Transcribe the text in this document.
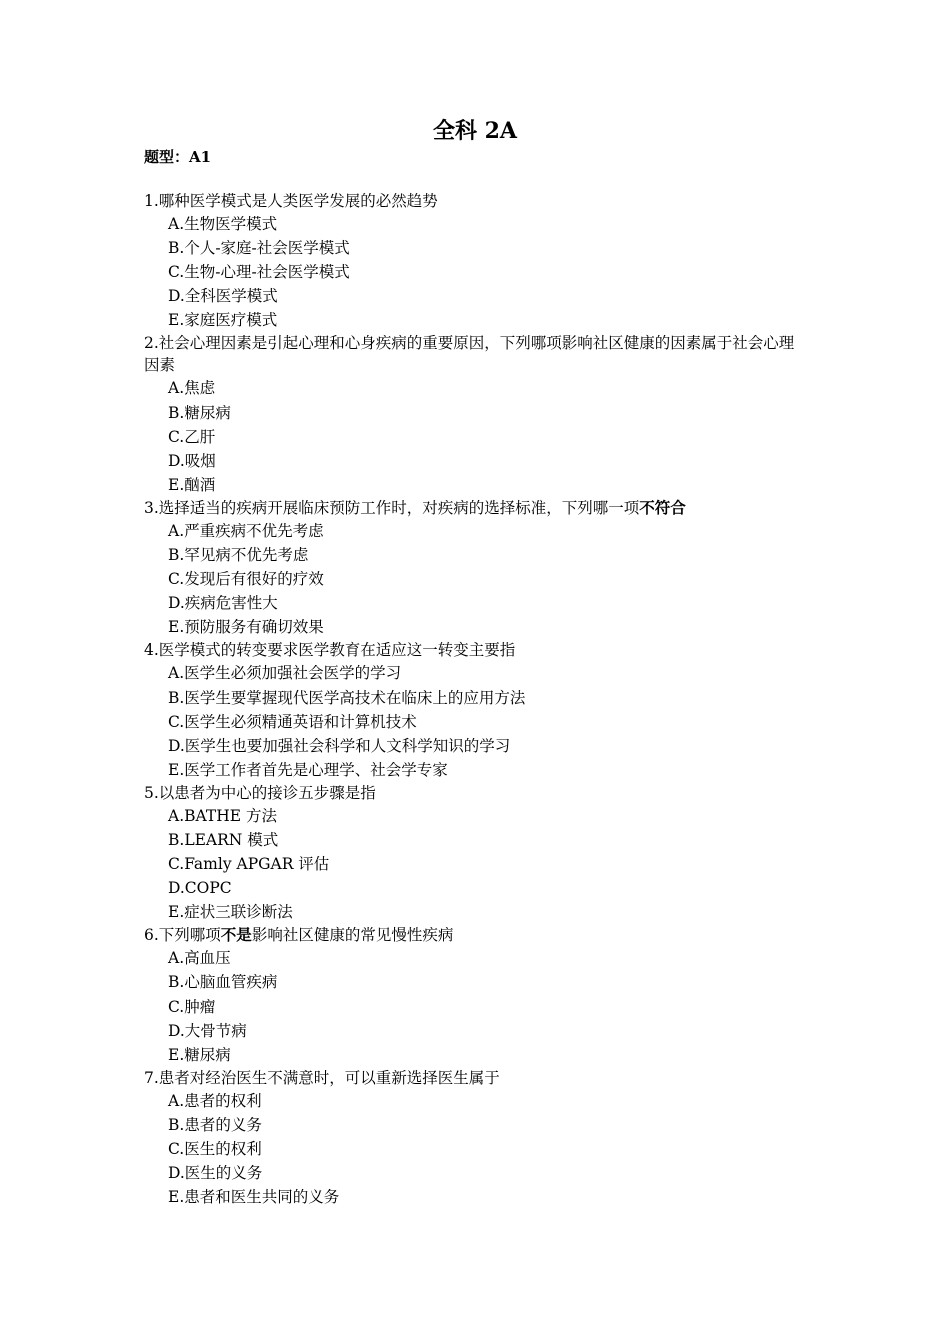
全科 2A
题型：A1

1.哪种医学模式是人类医学发展的必然趋势

A.生物医学模式
B.个人-家庭-社会医学模式
C.生物-心理-社会医学模式
D.全科医学模式
E.家庭医疗模式

2.社会心理因素是引起心理和心身疾病的重要原因，下列哪项影响社区健康的因素属于社会心理因素

A.焦虑
B.糖尿病
C.乙肝
D.吸烟
E.酗酒

3.选择适当的疾病开展临床预防工作时，对疾病的选择标准，下列哪一项不符合

A.严重疾病不优先考虑
B.罕见病不优先考虑
C.发现后有很好的疗效
D.疾病危害性大
E.预防服务有确切效果

4.医学模式的转变要求医学教育在适应这一转变主要指

A.医学生必须加强社会医学的学习
B.医学生要掌握现代医学高技术在临床上的应用方法
C.医学生必须精通英语和计算机技术
D.医学生也要加强社会科学和人文科学知识的学习
E.医学工作者首先是心理学、社会学专家

5.以患者为中心的接诊五步骤是指

A.BATHE 方法
B.LEARN 模式
C.Famly APGAR 评估
D.COPC
E.症状三联诊断法

6.下列哪项不是影响社区健康的常见慢性疾病

A.高血压
B.心脑血管疾病
C.肿瘤
D.大骨节病
E.糖尿病

7.患者对经治医生不满意时，可以重新选择医生属于

A.患者的权利
B.患者的义务
C.医生的权利
D.医生的义务
E.患者和医生共同的义务
